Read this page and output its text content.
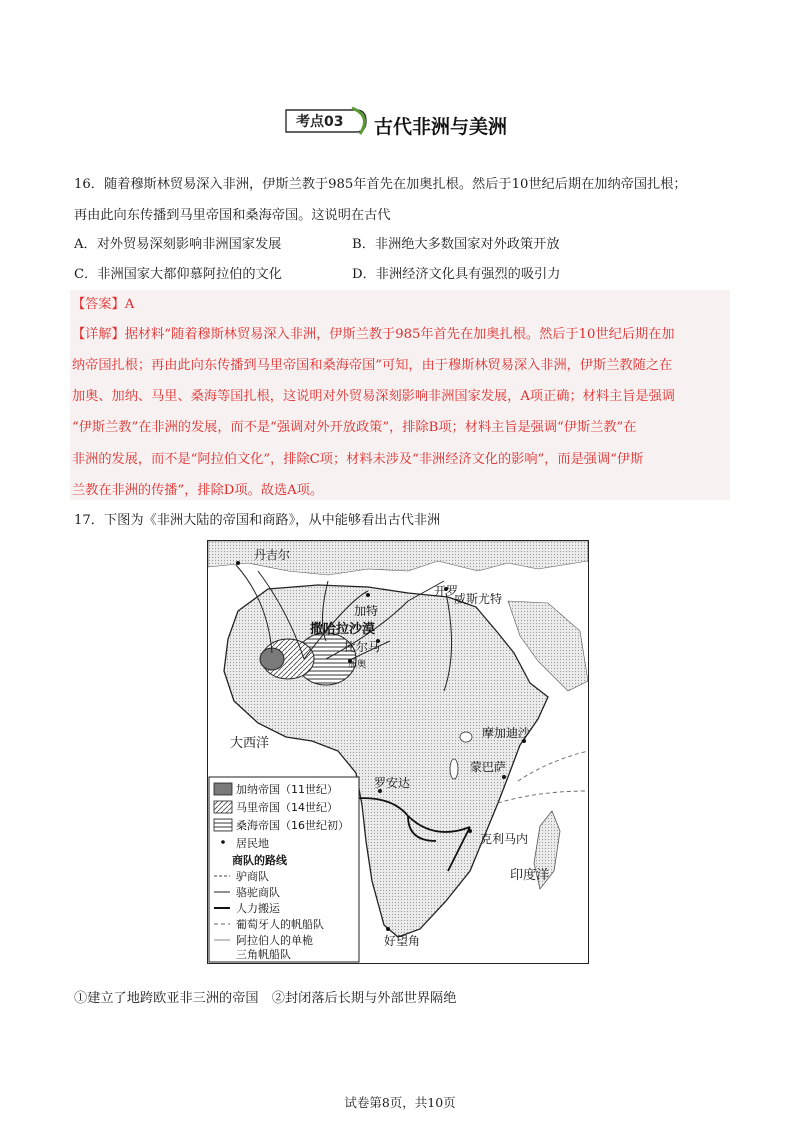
考点03 古代非洲与美洲
16．随着穆斯林贸易深入非洲，伊斯兰教于985年首先在加奥扎根。然后于10世纪后期在加纳帝国扎根；
再由此向东传播到马里帝国和桑海帝国。这说明在古代
A．对外贸易深刻影响非洲国家发展	B．非洲绝大多数国家对外政策开放
C．非洲国家大都仰慕阿拉伯的文化	D．非洲经济文化具有强烈的吸引力
【答案】A
【详解】据材料“随着穆斯林贸易深入非洲，伊斯兰教于985年首先在加奥扎根。然后于10世纪后期在加
纳帝国扎根；再由此向东传播到马里帝国和桑海帝国”可知，由于穆斯林贸易深入非洲，伊斯兰教随之在
加奥、加纳、马里、桑海等国扎根，这说明对外贸易深刻影响非洲国家发展，A项正确；材料主旨是强调
“伊斯兰教”在非洲的发展，而不是“强调对外开放政策”，排除B项；材料主旨是强调“伊斯兰教”在
非洲的发展，而不是“阿拉伯文化”，排除C项；材料未涉及“非洲经济文化的影响”，而是强调“伊斯
兰教在非洲的传播”，排除D项。故选A项。
17．下图为《非洲大陆的帝国和商路》，从中能够看出古代非洲
丹吉尔
开罗
威斯尤特
加特
撒哈拉沙漠
加奥
比尔马
摩加迪沙
大西洋
蒙巴萨
罗安达
克利马内
印度洋
好望角
加纳帝国（11世纪）
马里帝国（14世纪）
桑海帝国（16世纪初）
居民地
商队的路线
驴商队
骆驼商队
人力搬运
葡萄牙人的帆船队
阿拉伯人的单桅
三角帆船队
①建立了地跨欧亚非三洲的帝国　②封闭落后长期与外部世界隔绝
试卷第8页，共10页
